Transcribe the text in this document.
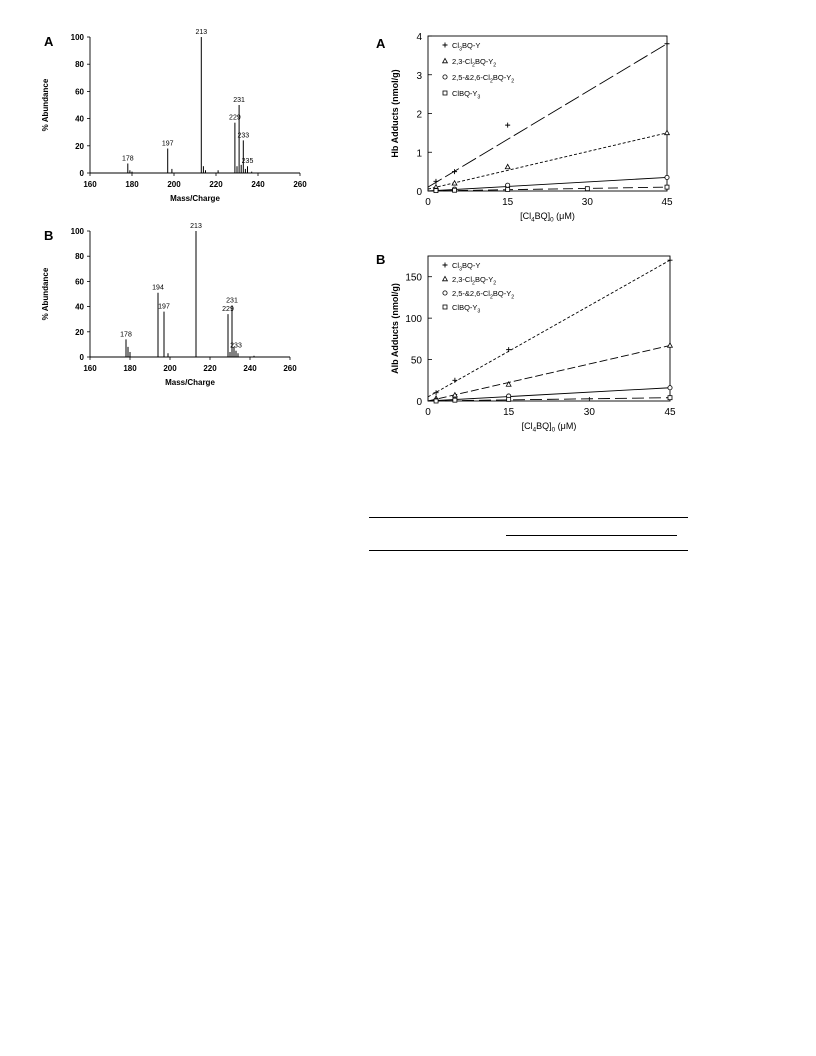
A
0
20
40
60
80
100
160	180	200	220	240	260
Mass/Charge
% Abundance
178
197
213
229
231
233
235
B
0
20
40
60
80
100
160	180	200	220	240	260
Mass/Charge
% Abundance
178
194
197
213
229
231
233
A
0
1
2
3
4
0	15	30	45
$[Cl_4BQ]_0$ (μM)
Hb Adducts (nmol/g)
$Cl_3BQ-Y$
$2,3-Cl_2BQ-Y_2$
$2,5-\&2,6-Cl_2BQ-Y_2$
ClBQ-$Y_3$
B
0
50
100
150
0	15	30	45
$[Cl_4BQ]_0$ (μM)
Alb Adducts (nmol/g)
$Cl_3BQ-Y$
$2,3-Cl_2BQ-Y_2$
$2,5-\&2,6-Cl_2BQ-Y_2$
ClBQ-$Y_3$
